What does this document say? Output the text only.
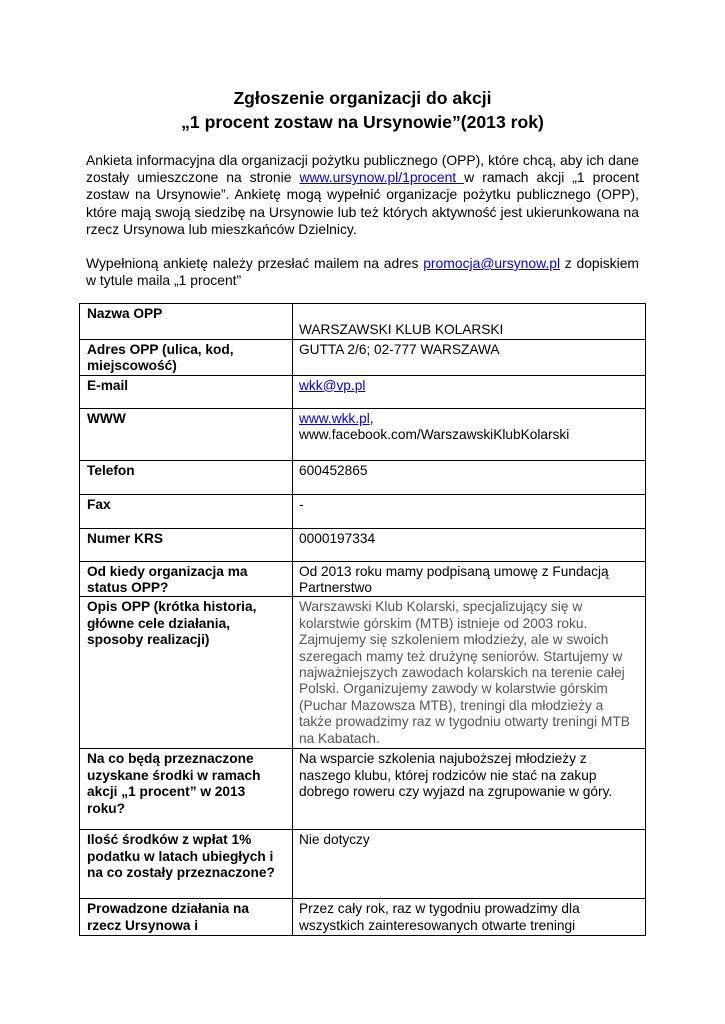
Zgłoszenie organizacji do akcji
„1 procent zostaw na Ursynowie”(2013 rok)
Ankieta informacyjna dla organizacji pożytku publicznego (OPP), które chcą, aby ich dane zostały umieszczone na stronie www.ursynow.pl/1procent w ramach akcji „1 procent zostaw na Ursynowie”. Ankietę mogą wypełnić organizacje pożytku publicznego (OPP), które mają swoją siedzibę na Ursynowie lub też których aktywność jest ukierunkowana na rzecz Ursynowa lub mieszkańców Dzielnicy.
Wypełnioną ankietę należy przesłać mailem na adres promocja@ursynow.pl z dopiskiem w tytule maila „1 procent”
Nazwa OPP	WARSZAWSKI KLUB KOLARSKI
Adres OPP (ulica, kod, miejscowość)	GUTTA 2/6; 02-777 WARSZAWA
E-mail	wkk@vp.pl
WWW	www.wkk.pl,
www.facebook.com/WarszawskiKlubKolarski
Telefon	600452865
Fax	-
Numer KRS	0000197334
Od kiedy organizacja ma status OPP?	Od 2013 roku mamy podpisaną umowę z Fundacją Partnerstwo
Opis OPP (krótka historia, główne cele działania, sposoby realizacji)	Warszawski Klub Kolarski, specjalizujący się w kolarstwie górskim (MTB) istnieje od 2003 roku. Zajmujemy się szkoleniem młodzieży, ale w swoich szeregach mamy też drużynę seniorów. Startujemy w najważniejszych zawodach kolarskich na terenie całej Polski. Organizujemy zawody w kolarstwie górskim (Puchar Mazowsza MTB), treningi dla młodzieży a także prowadzimy raz w tygodniu otwarty treningi MTB na Kabatach.
Na co będą przeznaczone uzyskane środki w ramach akcji „1 procent” w 2013 roku?	Na wsparcie szkolenia najuboższej młodzieży z naszego klubu, której rodziców nie stać na zakup dobrego roweru czy wyjazd na zgrupowanie w góry.
Ilość środków z wpłat 1% podatku w latach ubiegłych i na co zostały przeznaczone?	Nie dotyczy
Prowadzone działania na rzecz Ursynowa i	Przez cały rok, raz w tygodniu prowadzimy dla wszystkich zainteresowanych otwarte treningi
